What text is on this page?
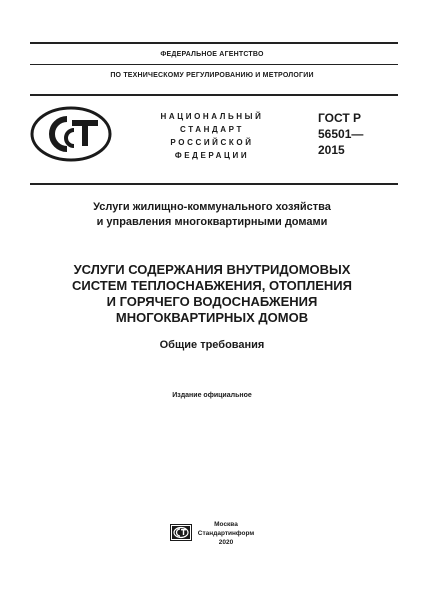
ФЕДЕРАЛЬНОЕ АГЕНТСТВО
ПО ТЕХНИЧЕСКОМУ РЕГУЛИРОВАНИЮ И МЕТРОЛОГИИ
НАЦИОНАЛЬНЫЙ
СТАНДАРТ
РОССИЙСКОЙ
ФЕДЕРАЦИИ
ГОСТ Р
56501—
2015
Услуги жилищно-коммунального хозяйства
и управления многоквартирными домами
УСЛУГИ СОДЕРЖАНИЯ ВНУТРИДОМОВЫХ
СИСТЕМ ТЕПЛОСНАБЖЕНИЯ, ОТОПЛЕНИЯ
И ГОРЯЧЕГО ВОДОСНАБЖЕНИЯ
МНОГОКВАРТИРНЫХ ДОМОВ
Общие требования
Издание официальное
Москва
Стандартинформ
2020
